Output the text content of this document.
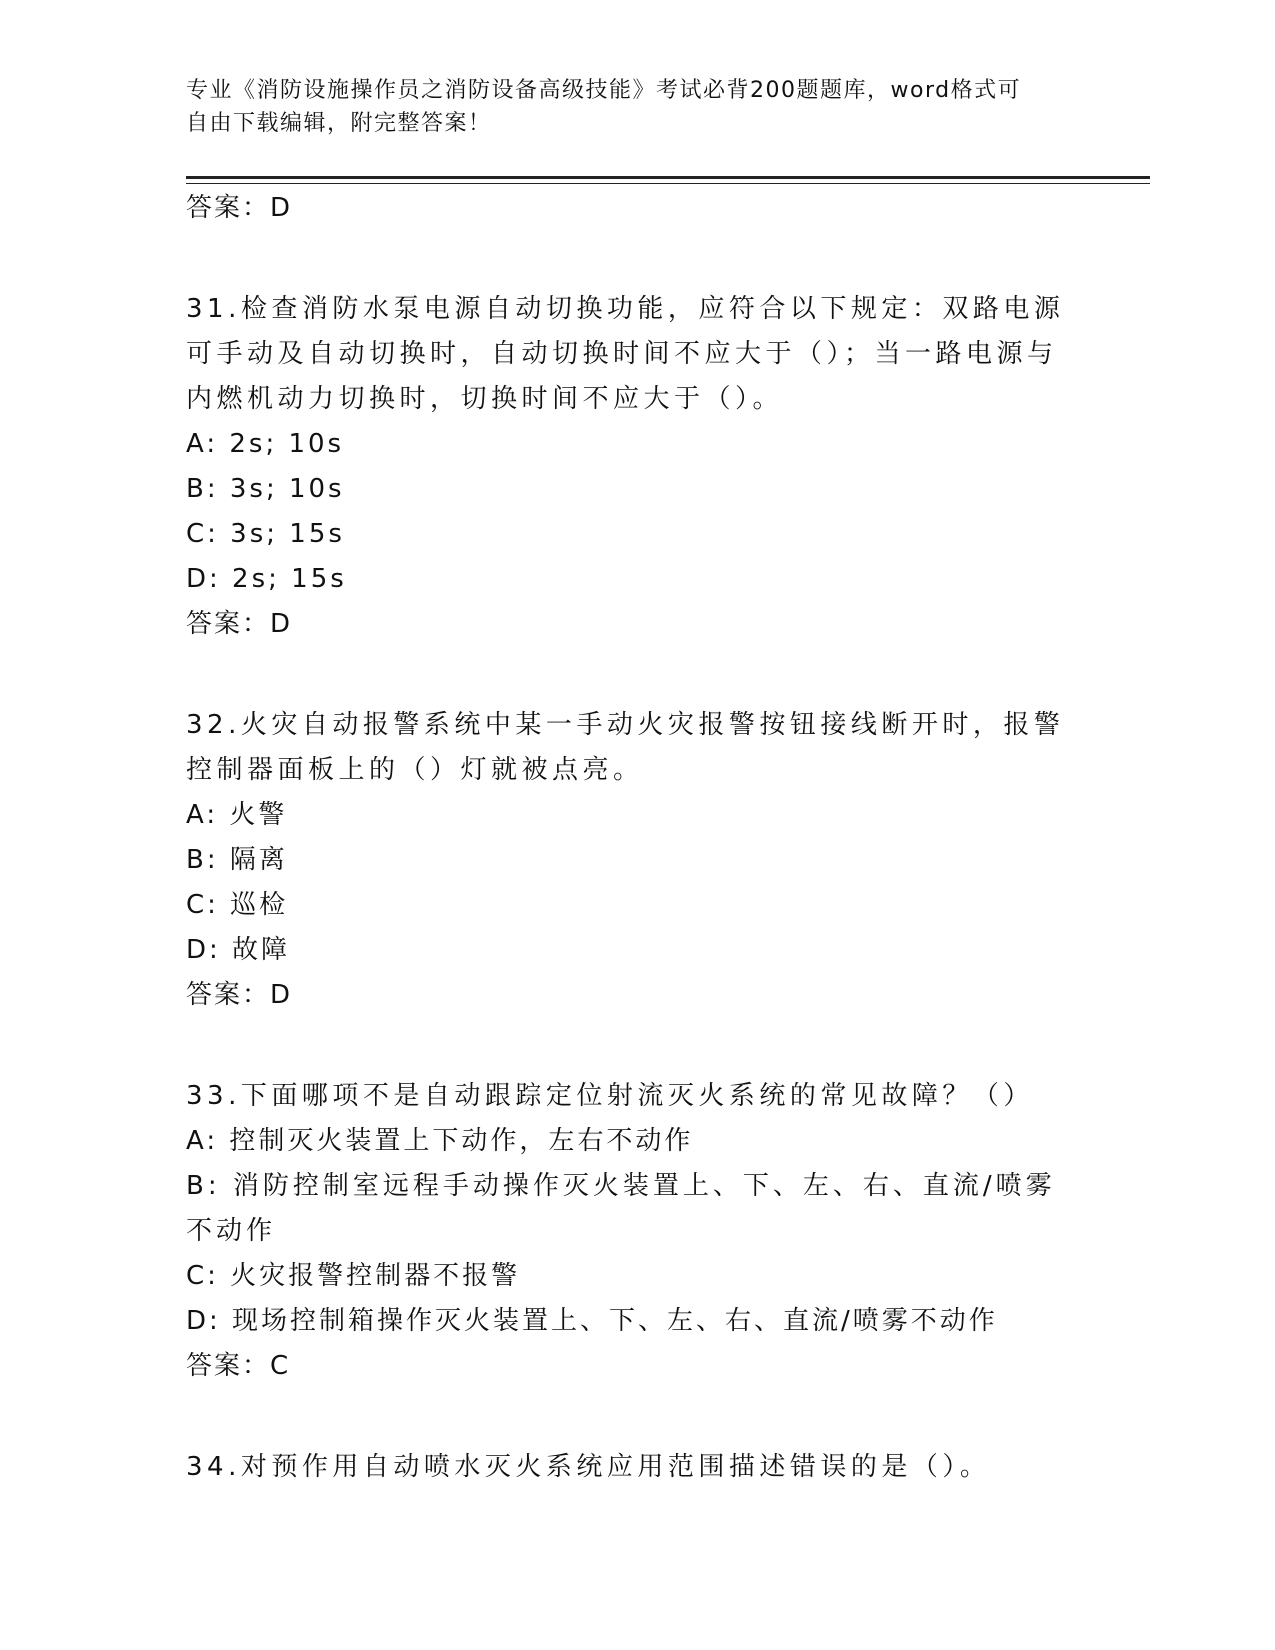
专业《消防设施操作员之消防设备高级技能》考试必背200题题库，word格式可
自由下载编辑，附完整答案！
答案：D
31.检查消防水泵电源自动切换功能，应符合以下规定：双路电源可手动及自动切换时，自动切换时间不应大于（）；当一路电源与内燃机动力切换时，切换时间不应大于（）。
A: 2s; 10s
B: 3s; 10s
C: 3s; 15s
D: 2s; 15s
答案：D
32.火灾自动报警系统中某一手动火灾报警按钮接线断开时，报警控制器面板上的（）灯就被点亮。
A: 火警
B: 隔离
C: 巡检
D: 故障
答案：D
33.下面哪项不是自动跟踪定位射流灭火系统的常见故障？（）
A: 控制灭火装置上下动作，左右不动作
B: 消防控制室远程手动操作灭火装置上、下、左、右、直流/喷雾不动作
C: 火灾报警控制器不报警
D: 现场控制箱操作灭火装置上、下、左、右、直流/喷雾不动作
答案：C
34.对预作用自动喷水灭火系统应用范围描述错误的是（）。
